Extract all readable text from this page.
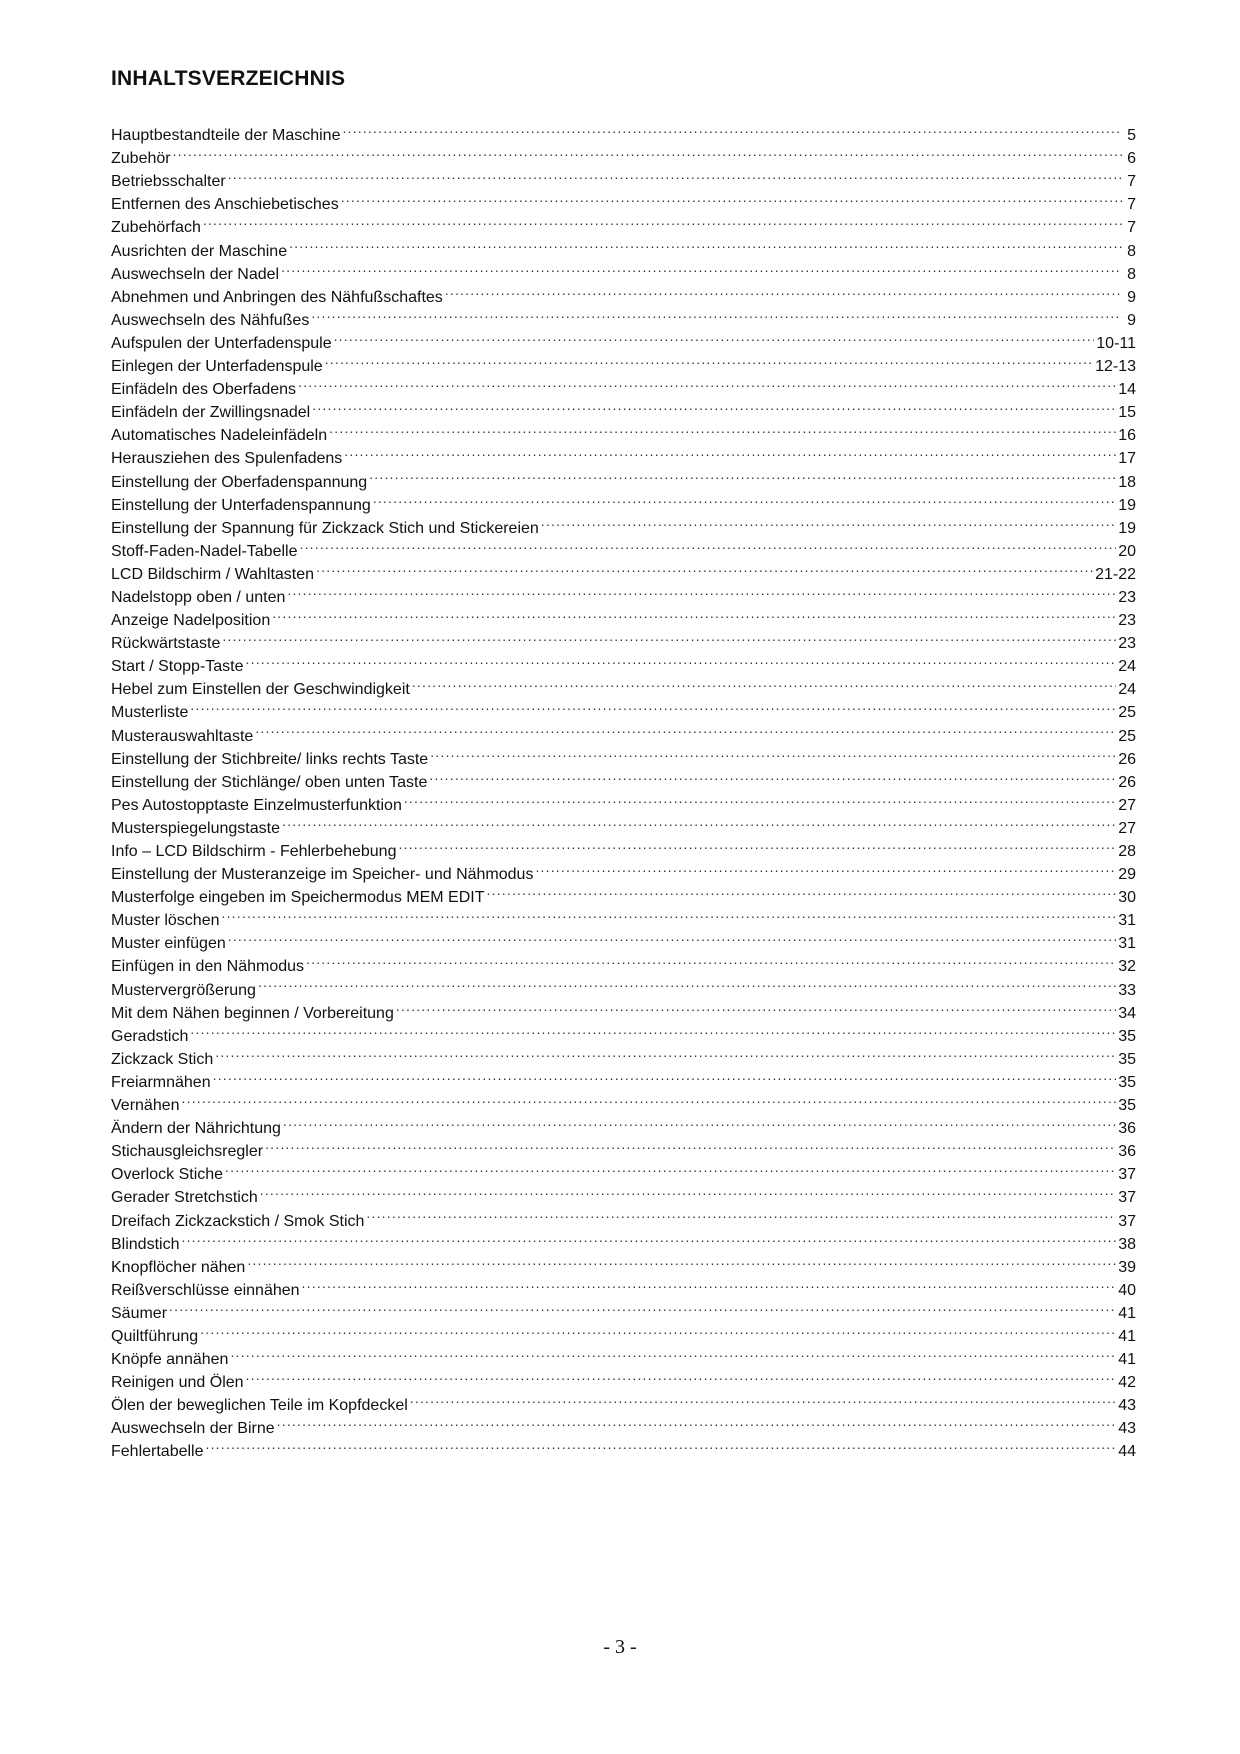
INHALTSVERZEICHNIS
Hauptbestandteile der Maschine .....	5
Zubehör .....	6
Betriebsschalter .....	7
Entfernen des Anschiebetisches .....	7
Zubehörfach .....	7
Ausrichten der Maschine .....	8
Auswechseln der Nadel .....	8
Abnehmen und Anbringen des Nähfußschaftes .....	9
Auswechseln des Nähfußes .....	9
Aufspulen der Unterfadenspule .....	10-11
Einlegen der Unterfadenspule .....	12-13
Einfädeln des Oberfadens .....	14
Einfädeln der Zwillingsnadel .....	15
Automatisches Nadeleinfädeln .....	16
Herausziehen des Spulenfadens .....	17
Einstellung der Oberfadenspannung .....	18
Einstellung der Unterfadenspannung .....	19
Einstellung der Spannung für Zickzack Stich und Stickereien .....	19
Stoff-Faden-Nadel-Tabelle .....	20
LCD Bildschirm / Wahltasten .....	21-22
Nadelstopp oben / unten .....	23
Anzeige Nadelposition .....	23
Rückwärtstaste .....	23
Start / Stopp-Taste .....	24
Hebel zum Einstellen der Geschwindigkeit .....	24
Musterliste .....	25
Musterauswahltaste .....	25
Einstellung der Stichbreite/ links rechts Taste .....	26
Einstellung der Stichlänge/ oben unten Taste .....	26
Pes Autostopptaste Einzelmusterfunktion .....	27
Musterspiegelungstaste .....	27
Info – LCD Bildschirm - Fehlerbehebung .....	28
Einstellung der Musteranzeige im Speicher- und Nähmodus .....	29
Musterfolge eingeben im Speichermodus MEM EDIT .....	30
Muster löschen .....	31
Muster einfügen .....	31
Einfügen in den Nähmodus .....	32
Mustervergrößerung .....	33
Mit dem Nähen beginnen / Vorbereitung .....	34
Geradstich .....	35
Zickzack Stich .....	35
Freiarmnähen .....	35
Vernähen .....	35
Ändern der Nährichtung .....	36
Stichausgleichsregler .....	36
Overlock Stiche .....	37
Gerader Stretchstich .....	37
Dreifach Zickzackstich / Smok Stich .....	37
Blindstich .....	38
Knopflöcher nähen .....	39
Reißverschlüsse einnähen .....	40
Säumer .....	41
Quiltführung .....	41
Knöpfe annähen .....	41
Reinigen und Ölen .....	42
Ölen der beweglichen Teile im Kopfdeckel .....	43
Auswechseln der Birne .....	43
Fehlertabelle .....	44
- 3 -
